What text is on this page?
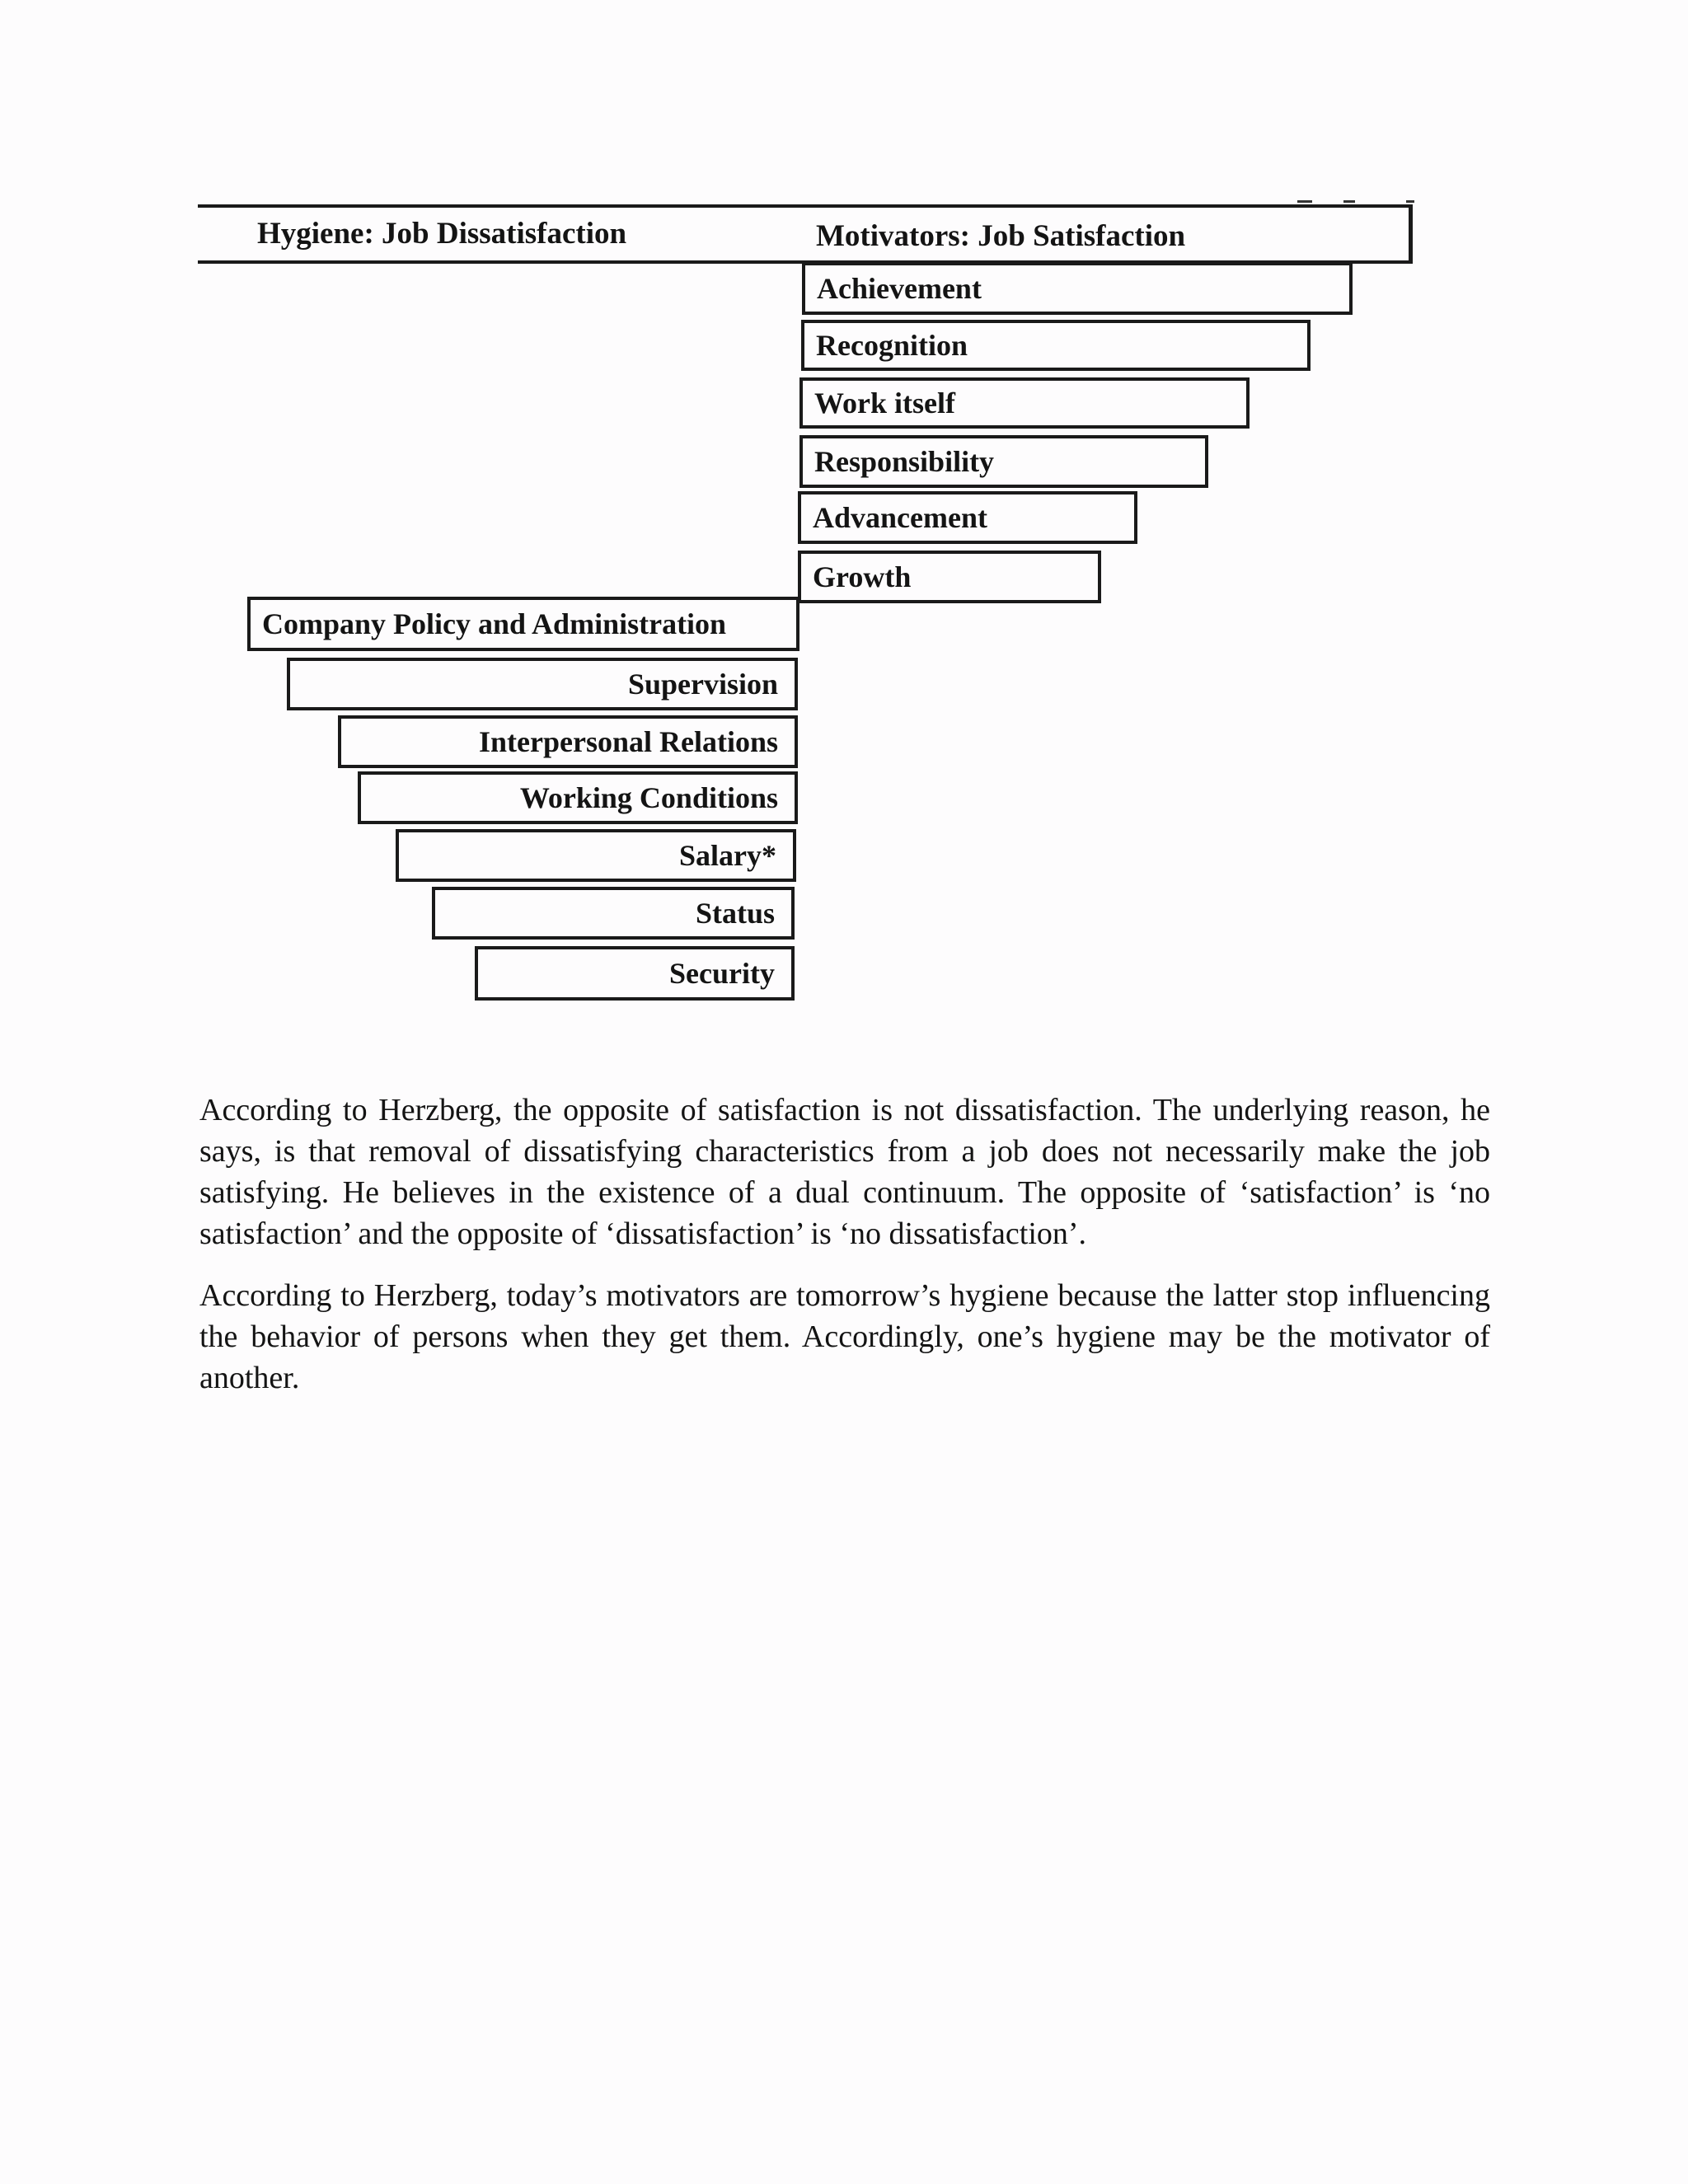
Hygiene: Job Dissatisfaction	Motivators: Job Satisfaction
Achievement
Recognition
Work itself
Responsibility
Advancement
Growth
Company Policy and Administration
Supervision
Interpersonal Relations
Working Conditions
Salary*
Status
Security

According to Herzberg, the opposite of satisfaction is not dissatisfaction. The underlying reason, he says, is that removal of dissatisfying characteristics from a job does not necessarily make the job satisfying. He believes in the existence of a dual continuum. The opposite of ‘satisfaction’ is ‘no satisfaction’ and the opposite of ‘dissatisfaction’ is ‘no dissatisfaction’.

According to Herzberg, today’s motivators are tomorrow’s hygiene because the latter stop influencing the behavior of persons when they get them. Accordingly, one’s hygiene may be the motivator of another.
